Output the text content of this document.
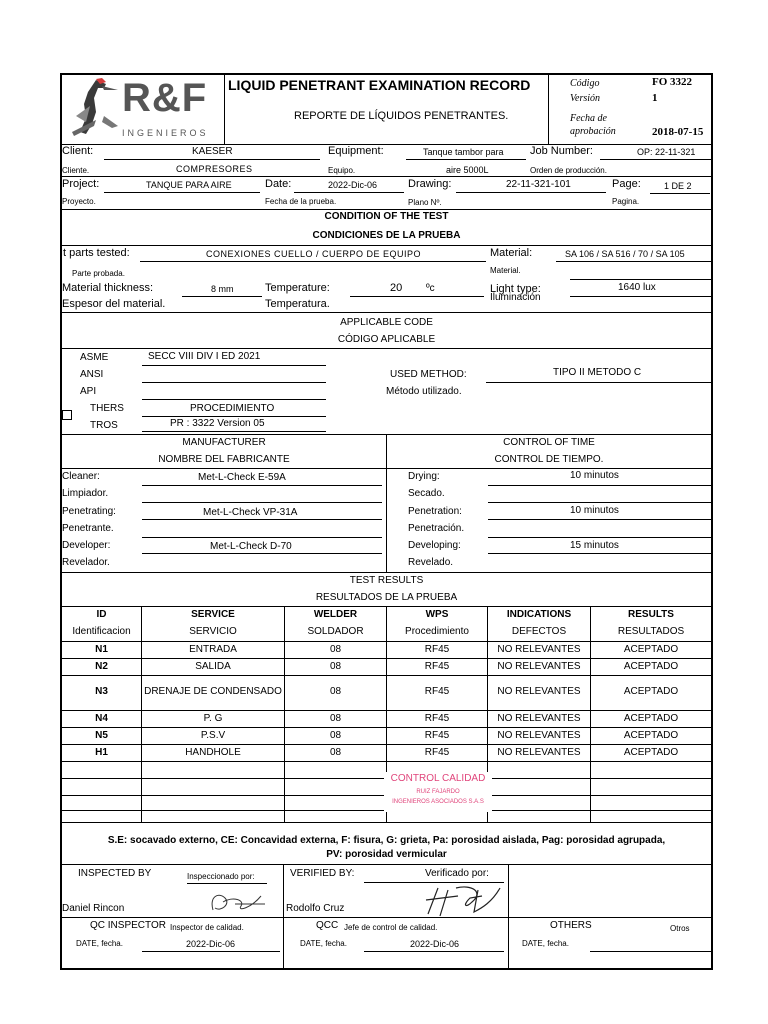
R&F
INGENIEROS
LIQUID PENETRANT EXAMINATION RECORD
REPORTE DE LÍQUIDOS PENETRANTES.
Código	FO 3322
Versión	1
Fecha de
aprobación	2018-07-15
Client:	KAESER	Equipment:	Tanque tambor para Job Number:	OP: 22-11-321
Cliente.	COMPRESORES	Equipo.	aire 5000L	Orden de producción.
Project:	TANQUE PARA AIRE	Date:	2022-Dic-06	Drawing:	22-11-321-101	Page:	1 DE 2
Proyecto.	Fecha de la prueba.	Plano Nº.	Pagina.
CONDITION OF THE TEST
CONDICIONES DE LA PRUEBA
It parts tested:	CONEXIONES CUELLO / CUERPO DE EQUIPO	Material:	SA 106 / SA 516 / 70 / SA 105
Parte probada.	Material.
Material thickness:	8 mm	Temperature:	20 ºc	Light type:	1640 lux
Espesor del material.	Temperatura.
Iluminación
APPLICABLE CODE
CÓDIGO APLICABLE
ASME	SECC VIII DIV I ED 2021
ANSI	USED METHOD:	TIPO II METODO C
API	Método utilizado.
THERS	PROCEDIMIENTO
TROS	PR : 3322 Version 05
MANUFACTURER
NOMBRE DEL FABRICANTE
CONTROL OF TIME
CONTROL DE TIEMPO.
Cleaner:	Met-L-Check E-59A	Drying:	10 minutos
Limpiador.	Secado.
Penetrating:	Met-L-Check VP-31A	Penetration:	10 minutos
Penetrante.	Penetración.
Developer:	Met-L-Check D-70	Developing:	15 minutos
Revelador.	Revelado.
TEST RESULTS
RESULTADOS DE LA PRUEBA
ID	SERVICE	WELDER	WPS	INDICATIONS	RESULTS
Identificacion	SERVICIO	SOLDADOR	Procedimiento	DEFECTOS	RESULTADOS
N1	ENTRADA	08	RF45	NO RELEVANTES	ACEPTADO
N2	SALIDA	08	RF45	NO RELEVANTES	ACEPTADO
N3	DRENAJE DE CONDENSADO	08	RF45	NO RELEVANTES	ACEPTADO
N4	P. G	08	RF45	NO RELEVANTES	ACEPTADO
N5	P.S.V	08	RF45	NO RELEVANTES	ACEPTADO
H1	HANDHOLE	08	RF45	NO RELEVANTES	ACEPTADO
CONTROL CALIDAD
RUIZ FAJARDO
INGENIEROS ASOCIADOS S.A.S
S.E: socavado externo, CE: Concavidad externa, F: fisura, G: grieta, Pa: porosidad aislada, Pag: porosidad agrupada,
PV: porosidad vermicular
INSPECTED BY	Inspeccionado por:
Daniel Rincon
VERIFIED BY:	Verificado por:
Rodolfo Cruz
QC INSPECTOR Inspector de calidad.	QCC Jefe de control de calidad.	OTHERS	Otros
DATE, fecha.	2022-Dic-06	DATE, fecha.	2022-Dic-06	DATE, fecha.
